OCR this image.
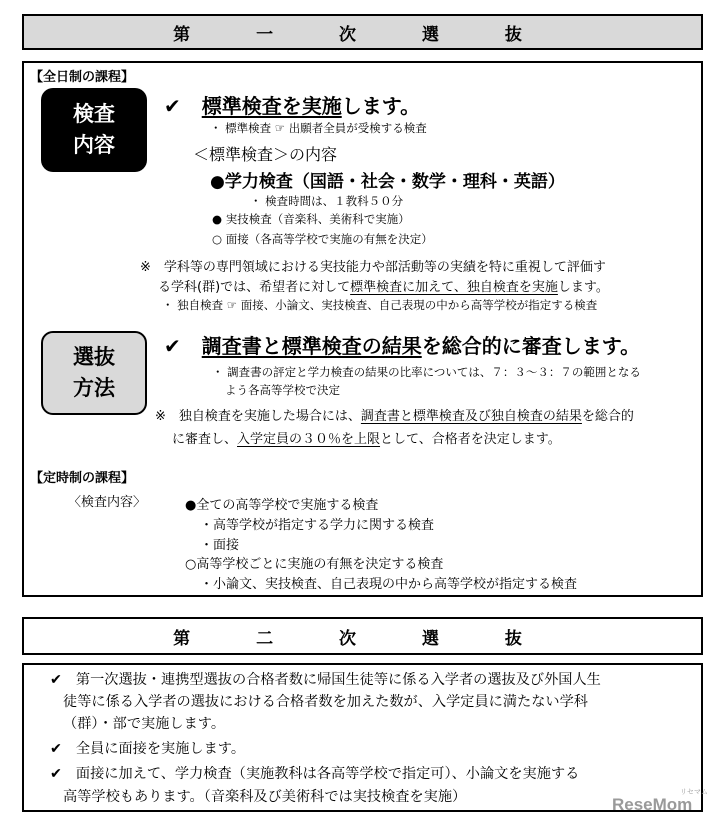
第 一 次 選 抜
【全日制の課程】
検査
内容
✔ 標準検査を実施します。
・ 標準検査 ☞ 出願者全員が受検する検査
＜標準検査＞の内容
●学力検査（国語・社会・数学・理科・英語）
・ 検査時間は、１教科５０分
● 実技検査（音楽科、美術科で実施）
○ 面接（各高等学校で実施の有無を決定）
※　学科等の専門領域における実技能力や部活動等の実績を特に重視して評価す
る学科(群)では、希望者に対して標準検査に加えて、独自検査を実施します。
・ 独自検査 ☞ 面接、小論文、実技検査、自己表現の中から高等学校が指定する検査
選抜
方法
✔ 調査書と標準検査の結果を総合的に審査します。
・ 調査書の評定と学力検査の結果の比率については、７：３〜３：７の範囲となる
よう各高等学校で決定
※　独自検査を実施した場合には、調査書と標準検査及び独自検査の結果を総合的
に審査し、入学定員の３０％を上限として、合格者を決定します。
【定時制の課程】
〈検査内容〉	●全ての高等学校で実施する検査
・高等学校が指定する学力に関する検査
・面接
○高等学校ごとに実施の有無を決定する検査
・小論文、実技検査、自己表現の中から高等学校が指定する検査
第 二 次 選 抜
✔ 第一次選抜・連携型選抜の合格者数に帰国生徒等に係る入学者の選抜及び外国人生
徒等に係る入学者の選抜における合格者数を加えた数が、入学定員に満たない学科
（群）・部で実施します。
✔ 全員に面接を実施します。
✔ 面接に加えて、学力検査（実施教科は各高等学校で指定可）、小論文を実施する
高等学校もあります。（音楽科及び美術科では実技検査を実施）	ReseMom
リセマム
